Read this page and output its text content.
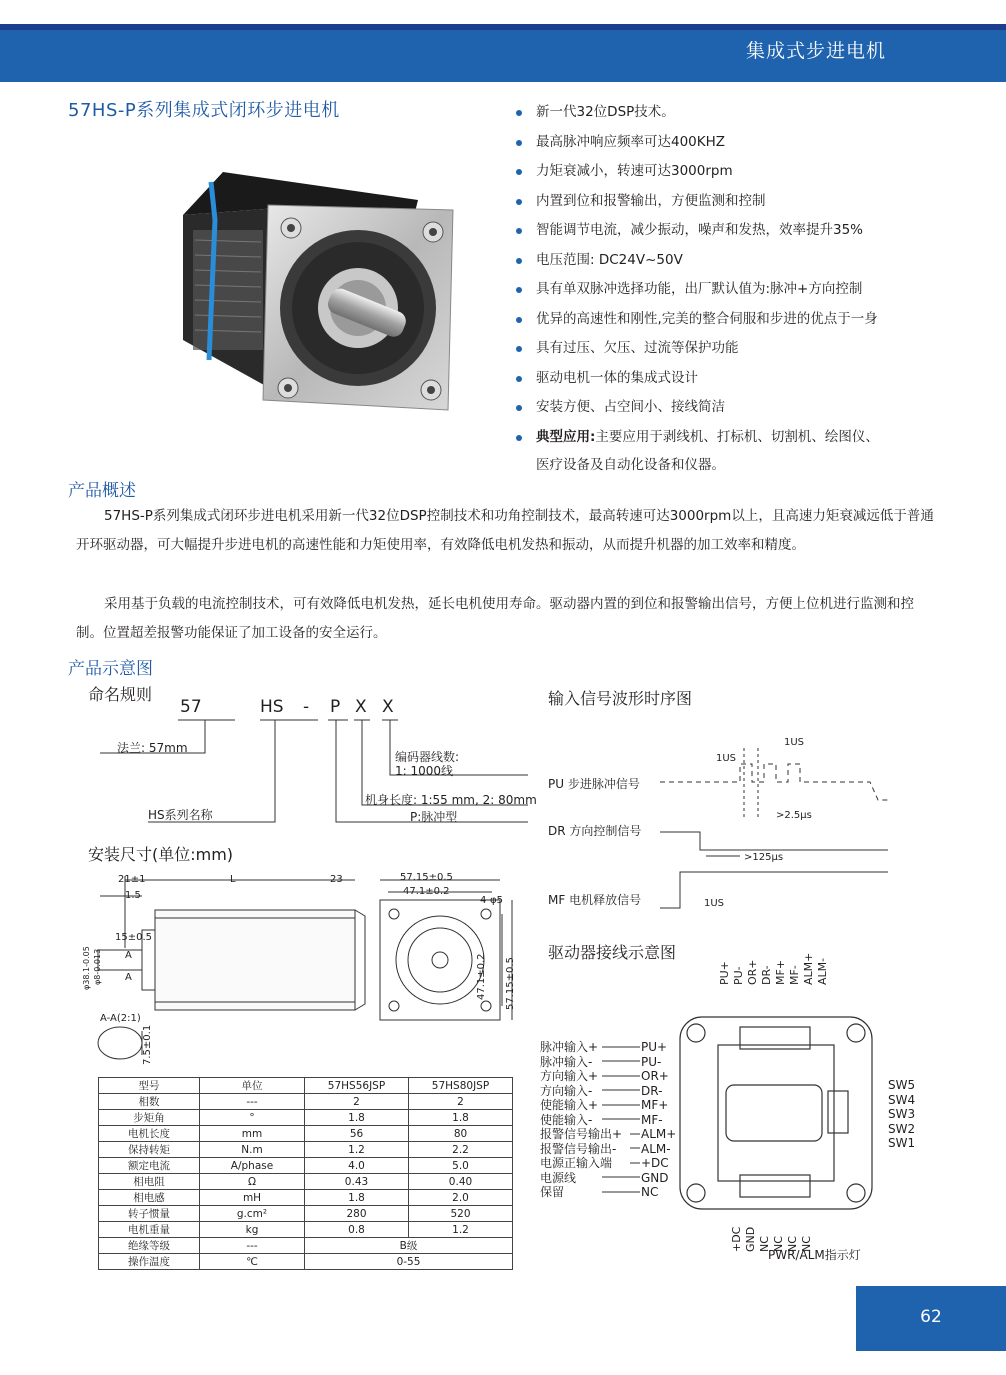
集成式步进电机
57HS-P系列集成式闭环步进电机	新一代32位DSP技术。
最高脉冲响应频率可达400KHZ
力矩衰减小，转速可达3000rpm
内置到位和报警输出，方便监测和控制
智能调节电流，减少振动，噪声和发热，效率提升35%
电压范围: DC24V~50V
具有单双脉冲选择功能，出厂默认值为:脉冲+方向控制
优异的高速性和刚性,完美的整合伺服和步进的优点于一身
具有过压、欠压、过流等保护功能
驱动电机一体的集成式设计
安装方便、占空间小、接线简洁
典型应用:主要应用于剥线机、打标机、切割机、绘图仪、
医疗设备及自动化设备和仪器。
产品概述
57HS-P系列集成式闭环步进电机采用新一代32位DSP控制技术和功角控制技术，最高转速可达3000rpm以上，且高速力矩衰减远低于普通开环驱动器，可大幅提升步进电机的高速性能和力矩使用率，有效降低电机发热和振动，从而提升机器的加工效率和精度。
采用基于负载的电流控制技术，可有效降低电机发热，延长电机使用寿命。驱动器内置的到位和报警输出信号，方便上位机进行监测和控制。位置超差报警功能保证了加工设备的安全运行。
产品示意图
命名规则
57	HS - P X X
法兰: 57mm
HS系列名称	P:脉冲型
机身长度: 1:55 mm, 2: 80mm
编码器线数:
1: 1000线
安装尺寸(单位:mm)
21±1	L	23
1.5
15±0.5
A
A
57.15±0.5
47.1±0.2
4-φ5
47.1±0.2 57.15±0.5
A-A(2:1)
7.5±0.1
φ38.1-0.05 φ8-0.013
型号	单位	57HS56JSP	57HS80JSP
相数	---	2	2
步矩角	°	1.8	1.8
电机长度	mm	56	80
保持转矩	N.m	1.2	2.2
额定电流	A/phase	4.0	5.0
相电阻	Ω	0.43	0.40
相电感	mH	1.8	2.0
转子惯量	g.cm²	280	520
电机重量	kg	0.8	1.2
绝缘等级	---	B级	
操作温度	℃	0-55	
输入信号波形时序图
PU 步进脉冲信号
DR 方向控制信号
MF 电机释放信号
1US
1US
>2.5μs
>125μs
1US
驱动器接线示意图
PU+ PU- OR+ DR- MF+ MF- ALM+ ALM-
脉冲输入+
脉冲输入-
方向输入+
方向输入-
使能输入+
使能输入-
报警信号输出+
报警信号输出-
电源正输入端
电源线
保留
PU+
PU-
OR+
DR-
MF+
MF-
ALM+
ALM-
+DC
GND
NC
SW5
SW4
SW3
SW2
SW1
+DC GND NC NC NC NC
PWR/ALM指示灯
62
